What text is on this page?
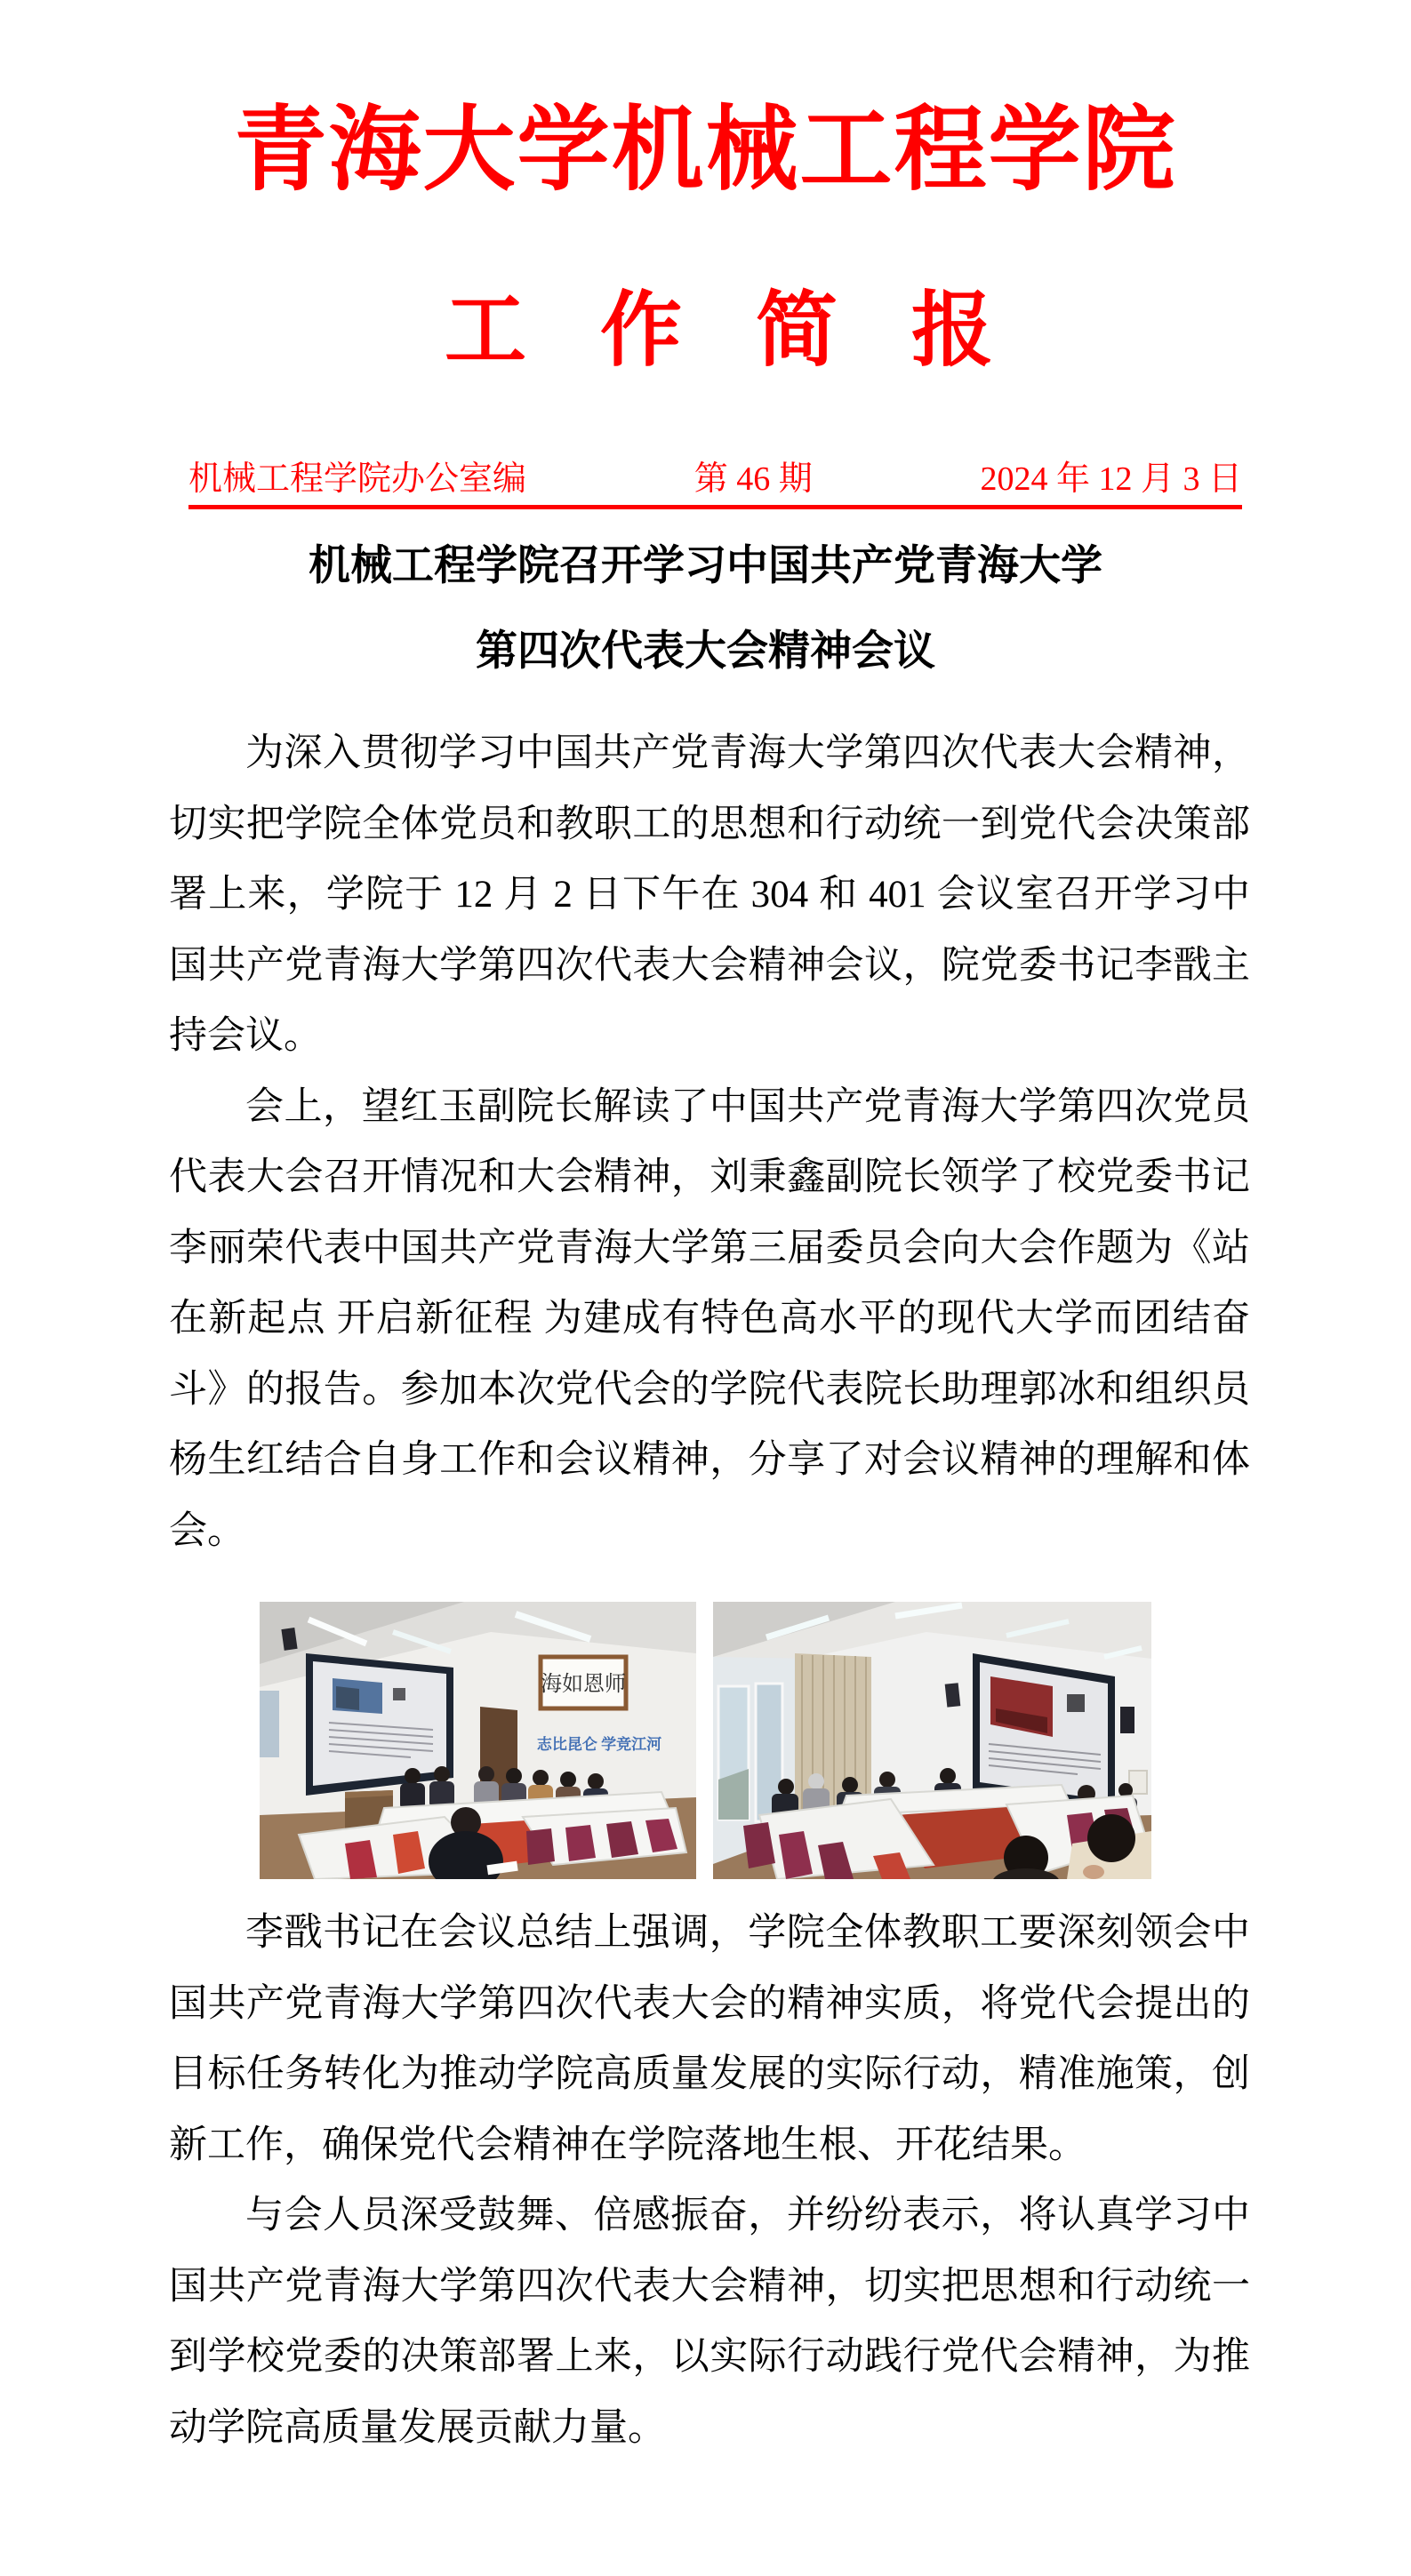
青海大学机械工程学院
工 作 简 报
机械工程学院办公室编	第 46 期	2024 年 12 月 3 日
机械工程学院召开学习中国共产党青海大学
第四次代表大会精神会议

为深入贯彻学习中国共产党青海大学第四次代表大会精神，切实把学院全体党员和教职工的思想和行动统一到党代会决策部署上来，学院于 12 月 2 日下午在 304 和 401 会议室召开学习中国共产党青海大学第四次代表大会精神会议，院党委书记李戬主持会议。

会上，望红玉副院长解读了中国共产党青海大学第四次党员代表大会召开情况和大会精神，刘秉鑫副院长领学了校党委书记李丽荣代表中国共产党青海大学第三届委员会向大会作题为《站在新起点 开启新征程 为建成有特色高水平的现代大学而团结奋斗》的报告。参加本次党代会的学院代表院长助理郭冰和组织员杨生红结合自身工作和会议精神，分享了对会议精神的理解和体会。

海如恩师
志比昆仑 学竞江河

李戬书记在会议总结上强调，学院全体教职工要深刻领会中国共产党青海大学第四次代表大会的精神实质，将党代会提出的目标任务转化为推动学院高质量发展的实际行动，精准施策，创新工作，确保党代会精神在学院落地生根、开花结果。

与会人员深受鼓舞、倍感振奋，并纷纷表示，将认真学习中国共产党青海大学第四次代表大会精神，切实把思想和行动统一到学校党委的决策部署上来，以实际行动践行党代会精神，为推动学院高质量发展贡献力量。
